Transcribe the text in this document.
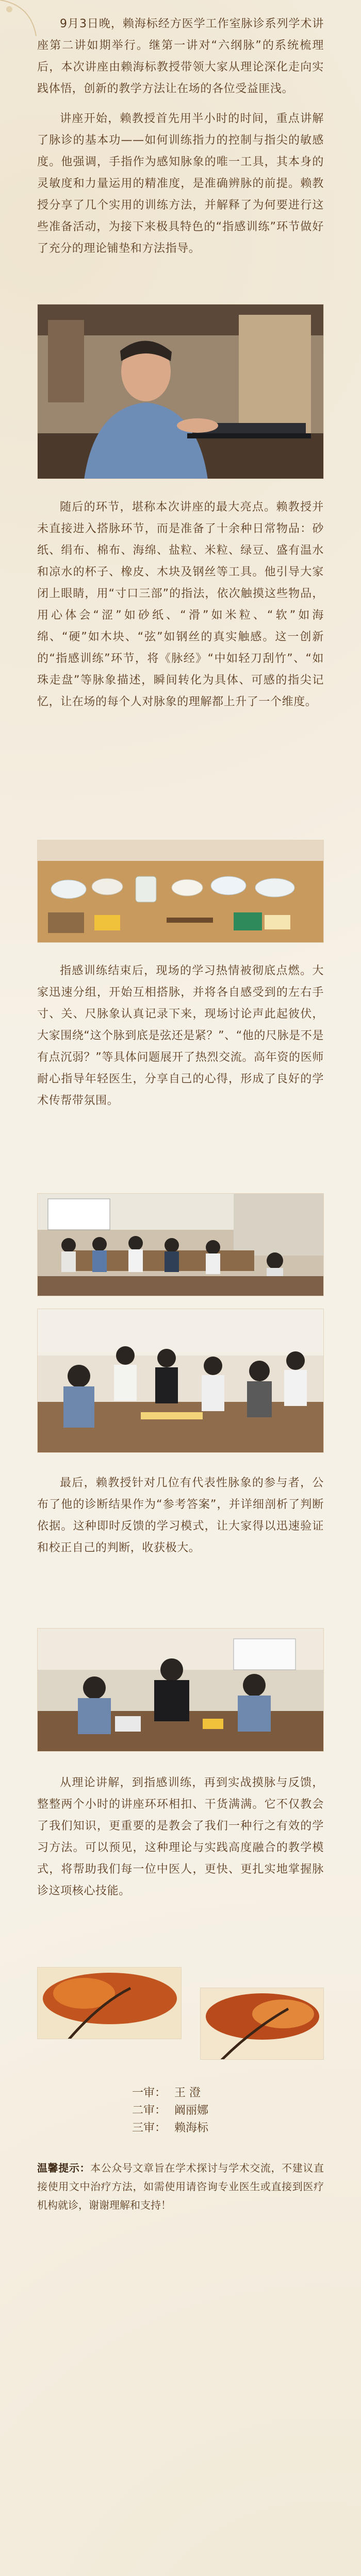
9月3日晚，赖海标经方医学工作室脉诊系列学术讲座第二讲如期举行。继第一讲对“六纲脉”的系统梳理后，本次讲座由赖海标教授带领大家从理论深化走向实践体悟，创新的教学方法让在场的各位受益匪浅。
讲座开始，赖教授首先用半小时的时间，重点讲解了脉诊的基本功——如何训练指力的控制与指尖的敏感度。他强调，手指作为感知脉象的唯一工具，其本身的灵敏度和力量运用的精准度，是准确辨脉的前提。赖教授分享了几个实用的训练方法，并解释了为何要进行这些准备活动，为接下来极具特色的“指感训练”环节做好了充分的理论铺垫和方法指导。
随后的环节，堪称本次讲座的最大亮点。赖教授并未直接进入搭脉环节，而是准备了十余种日常物品：砂纸、绢布、棉布、海绵、盐粒、米粒、绿豆、盛有温水和凉水的杯子、橡皮、木块及钢丝等工具。他引导大家闭上眼睛，用“寸口三部”的指法，依次触摸这些物品，用心体会“涩”如砂纸、“滑”如米粒、“软”如海绵、“硬”如木块、“弦”如钢丝的真实触感。这一创新的“指感训练”环节，将《脉经》“中如轻刀刮竹”、“如珠走盘”等脉象描述，瞬间转化为具体、可感的指尖记忆，让在场的每个人对脉象的理解都上升了一个维度。
指感训练结束后，现场的学习热情被彻底点燃。大家迅速分组，开始互相搭脉，并将各自感受到的左右手寸、关、尺脉象认真记录下来，现场讨论声此起彼伏，大家围绕“这个脉到底是弦还是紧？”、“他的尺脉是不是有点沉弱？”等具体问题展开了热烈交流。高年资的医师耐心指导年轻医生，分享自己的心得，形成了良好的学术传帮带氛围。
最后，赖教授针对几位有代表性脉象的参与者，公布了他的诊断结果作为“参考答案”，并详细剖析了判断依据。这种即时反馈的学习模式，让大家得以迅速验证和校正自己的判断，收获极大。
从理论讲解，到指感训练，再到实战摸脉与反馈，整整两个小时的讲座环环相扣、干货满满。它不仅教会了我们知识，更重要的是教会了我们一种行之有效的学习方法。可以预见，这种理论与实践高度融合的教学模式，将帮助我们每一位中医人，更快、更扎实地掌握脉诊这项核心技能。
一审： 王 澄
二审： 阚丽娜
三审： 赖海标
温馨提示：本公众号文章旨在学术探讨与学术交流，不建议直接使用文中治疗方法，如需使用请咨询专业医生或直接到医疗机构就诊，谢谢理解和支持！
